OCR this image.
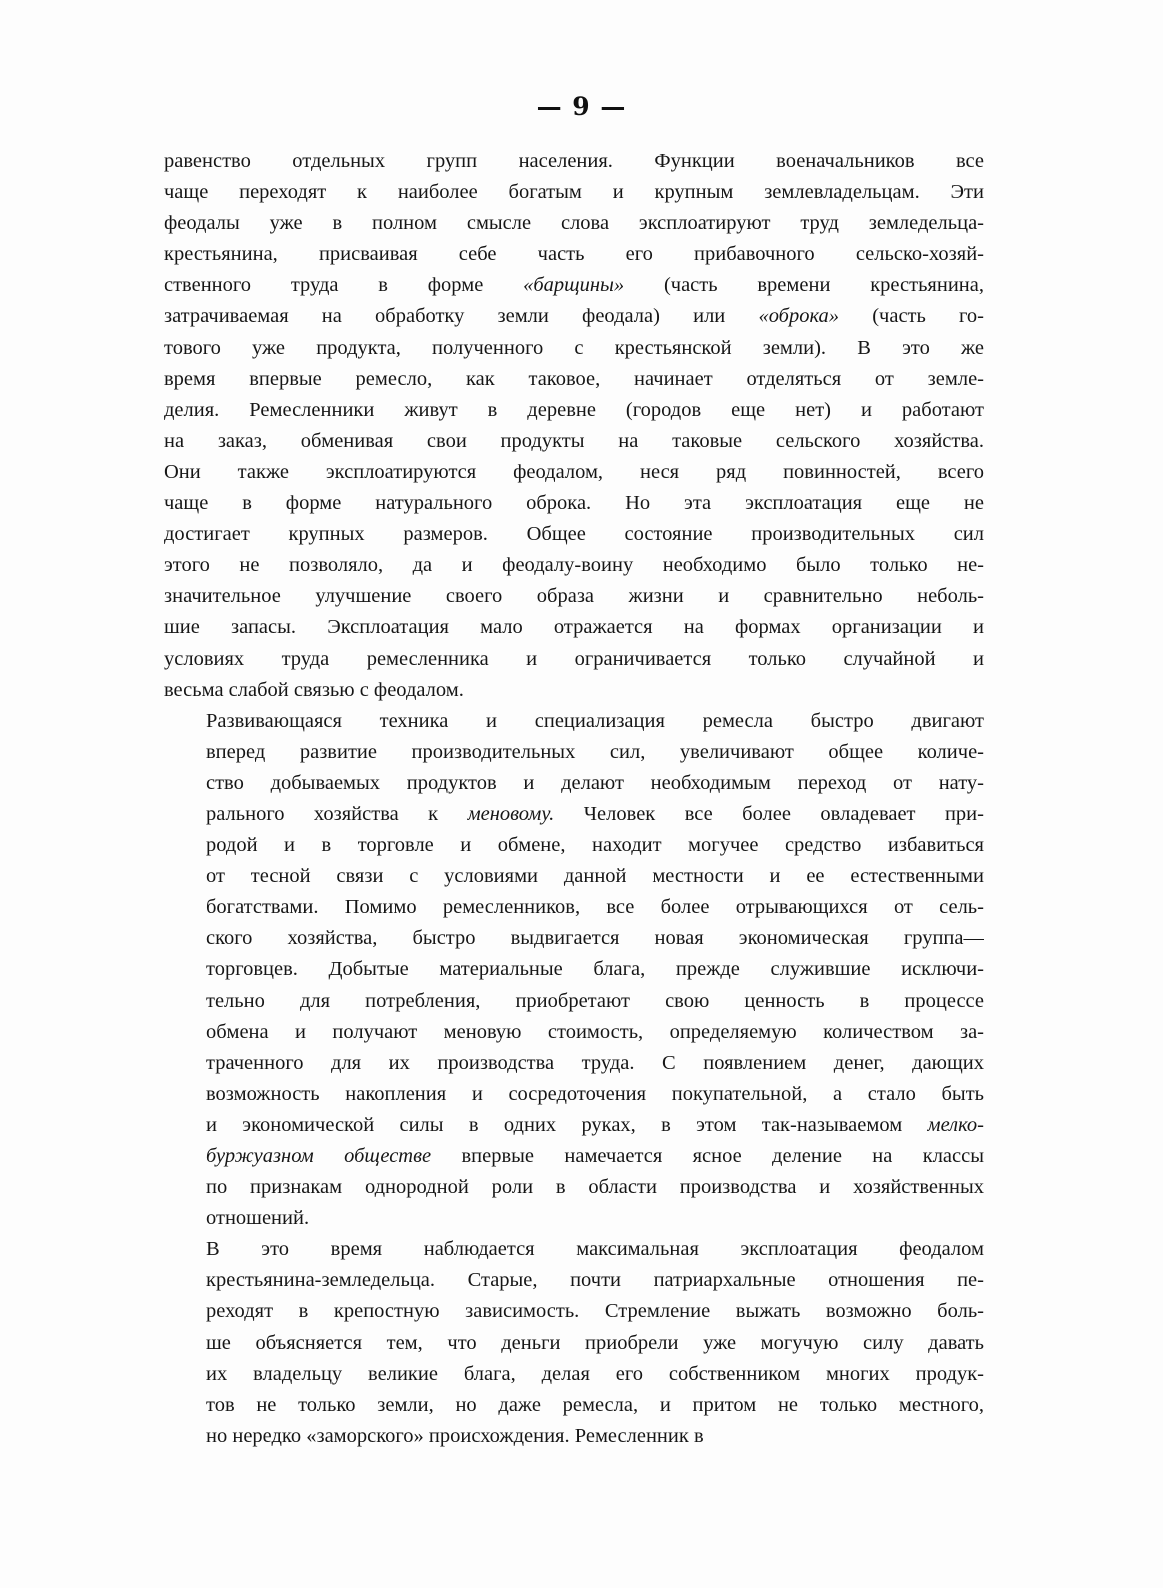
— 9 —
равенство отдельных групп населения. Функции военачальников все
чаще переходят к наиболее богатым и крупным землевладельцам. Эти
феодалы уже в полном смысле слова эксплоатируют труд земледельца-
крестьянина, присваивая себе часть его прибавочного сельско-хозяй-
ственного труда в форме «барщины» (часть времени крестьянина,
затрачиваемая на обработку земли феодала) или «оброка» (часть го-
тового уже продукта, полученного с крестьянской земли). В это же
время впервые ремесло, как таковое, начинает отделяться от земле-
делия. Ремесленники живут в деревне (городов еще нет) и работают
на заказ, обменивая свои продукты на таковые сельского хозяйства.
Они также эксплоатируются феодалом, неся ряд повинностей, всего
чаще в форме натурального оброка. Но эта эксплоатация еще не
достигает крупных размеров. Общее состояние производительных сил
этого не позволяло, да и феодалу-воину необходимо было только не-
значительное улучшение своего образа жизни и сравнительно неболь-
шие запасы. Эксплоатация мало отражается на формах организации и
условиях труда ремесленника и ограничивается только случайной и
весьма слабой связью с феодалом.
Развивающаяся техника и специализация ремесла быстро двигают
вперед развитие производительных сил, увеличивают общее количе-
ство добываемых продуктов и делают необходимым переход от нату-
рального хозяйства к меновому. Человек все более овладевает при-
родой и в торговле и обмене, находит могучее средство избавиться
от тесной связи с условиями данной местности и ее естественными
богатствами. Помимо ремесленников, все более отрывающихся от сель-
ского хозяйства, быстро выдвигается новая экономическая группа—
торговцев. Добытые материальные блага, прежде служившие исключи-
тельно для потребления, приобретают свою ценность в процессе
обмена и получают меновую стоимость, определяемую количеством за-
траченного для их производства труда. С появлением денег, дающих
возможность накопления и сосредоточения покупательной, а стало быть
и экономической силы в одних руках, в этом так-называемом мелко-
буржуазном обществе впервые намечается ясное деление на классы
по признакам однородной роли в области производства и хозяйственных
отношений.
В это время наблюдается максимальная эксплоатация феодалом
крестьянина-земледельца. Старые, почти патриархальные отношения пе-
реходят в крепостную зависимость. Стремление выжать возможно боль-
ше объясняется тем, что деньги приобрели уже могучую силу давать
их владельцу великие блага, делая его собственником многих продук-
тов не только земли, но даже ремесла, и притом не только местного,
но нередко «заморского» происхождения. Ремесленник в
